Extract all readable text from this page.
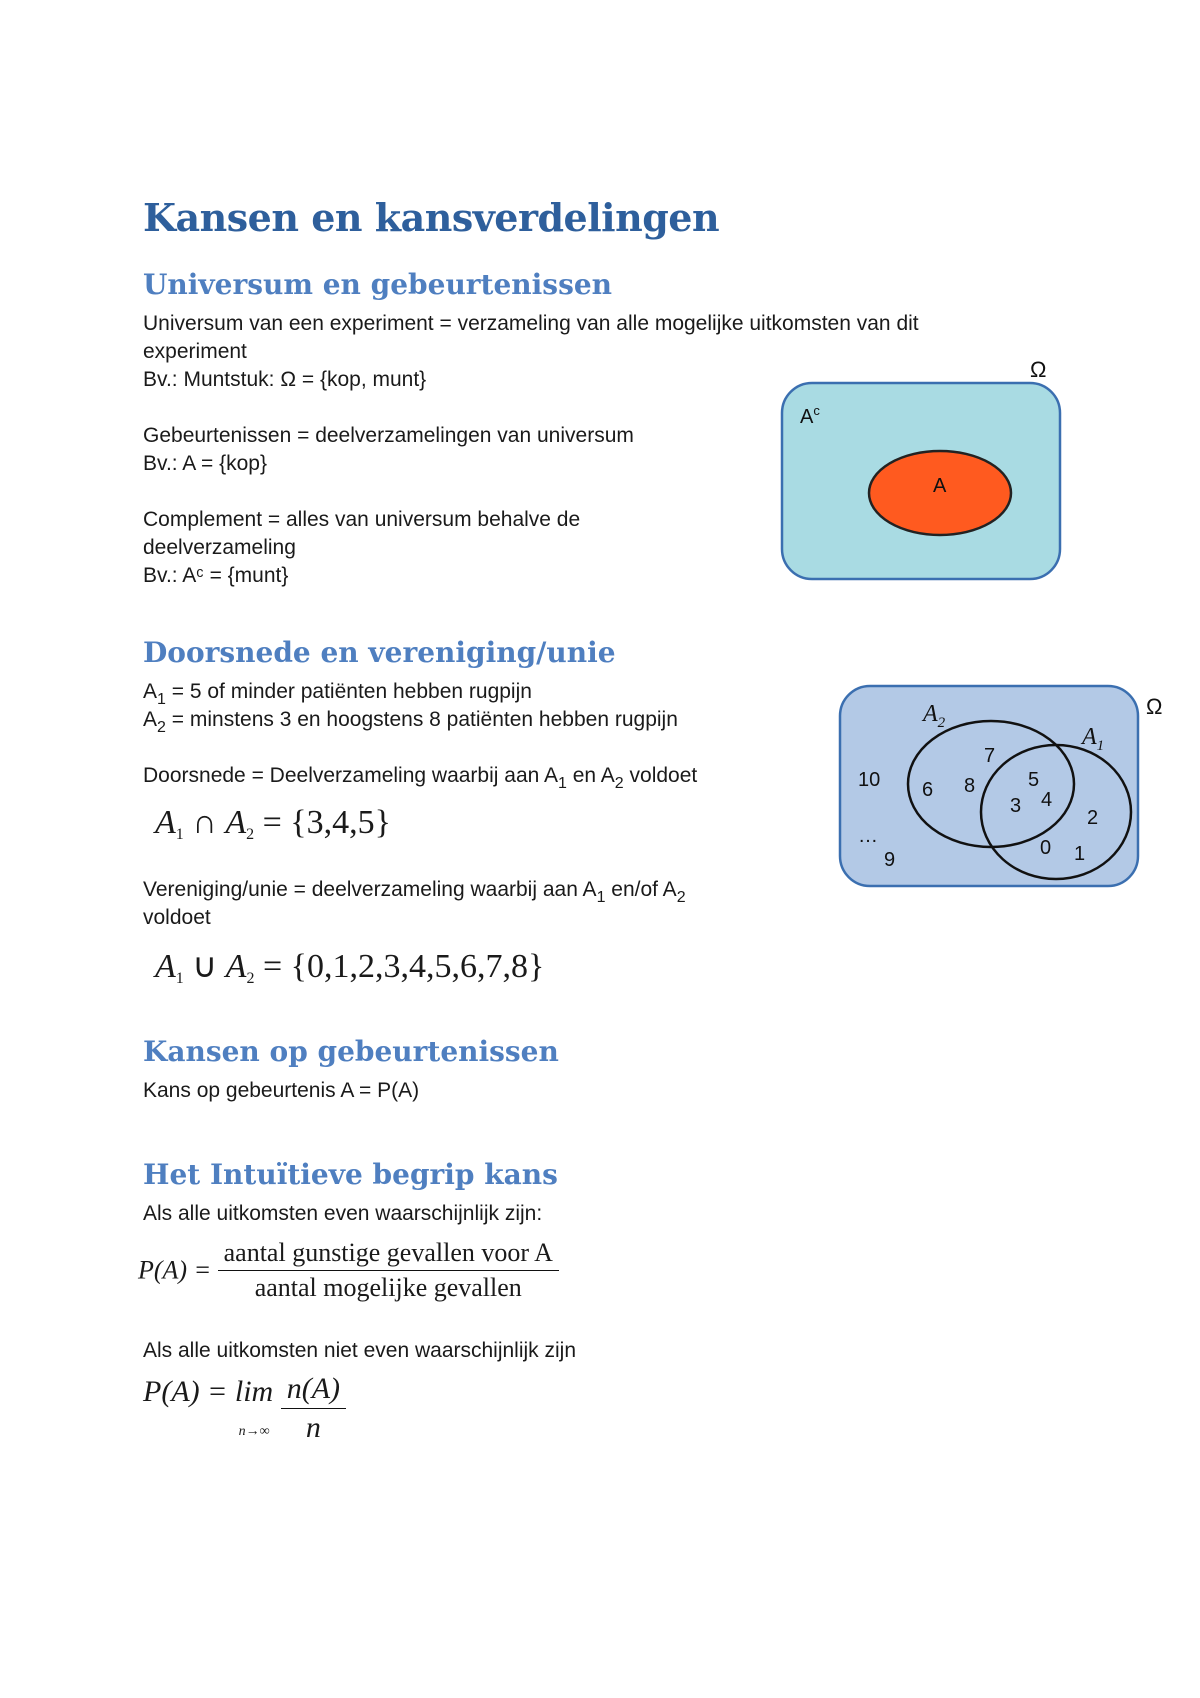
Kansen en kansverdelingen
Universum en gebeurtenissen
Universum van een experiment = verzameling van alle mogelijke uitkomsten van dit
experiment
Bv.: Muntstuk: Ω = {kop, munt}
Gebeurtenissen = deelverzamelingen van universum
Bv.: A = {kop}
Complement = alles van universum behalve de
deelverzameling
Bv.: Aᶜ = {munt}
Ω
$A^c$
A
Doorsnede en vereniging/unie
$A_1 = 5$ of minder patiënten hebben rugpijn
$A_2$ = minstens 3 en hoogstens 8 patiënten hebben rugpijn
Doorsnede = Deelverzameling waarbij aan $A_1$ en $A_2$ voldoet
$A_1$ ∩ $A_2 = \{3,4,5\}$
Vereniging/unie = deelverzameling waarbij aan $A_1$ en/of $A_2$
voldoet
$A_1$ ∪ $A_2 = \{0,1,2,3,4,5,6,7,8\}$
Ω
$A_2$
$A_1$
10 6 8
7
5
3 4
2
0 1
…
9
Kansen op gebeurtenissen
Kans op gebeurtenis A = P(A)
Het Intuïtieve begrip kans
Als alle uitkomsten even waarschijnlijk zijn:
$P(A) = \frac{\text{aantal gunstige gevallen voor A}}{\text{aantal mogelijke gevallen}}$
Als alle uitkomsten niet even waarschijnlijk zijn
P(A) = lim
$n\to\infty \frac{n(A)}{n}$
